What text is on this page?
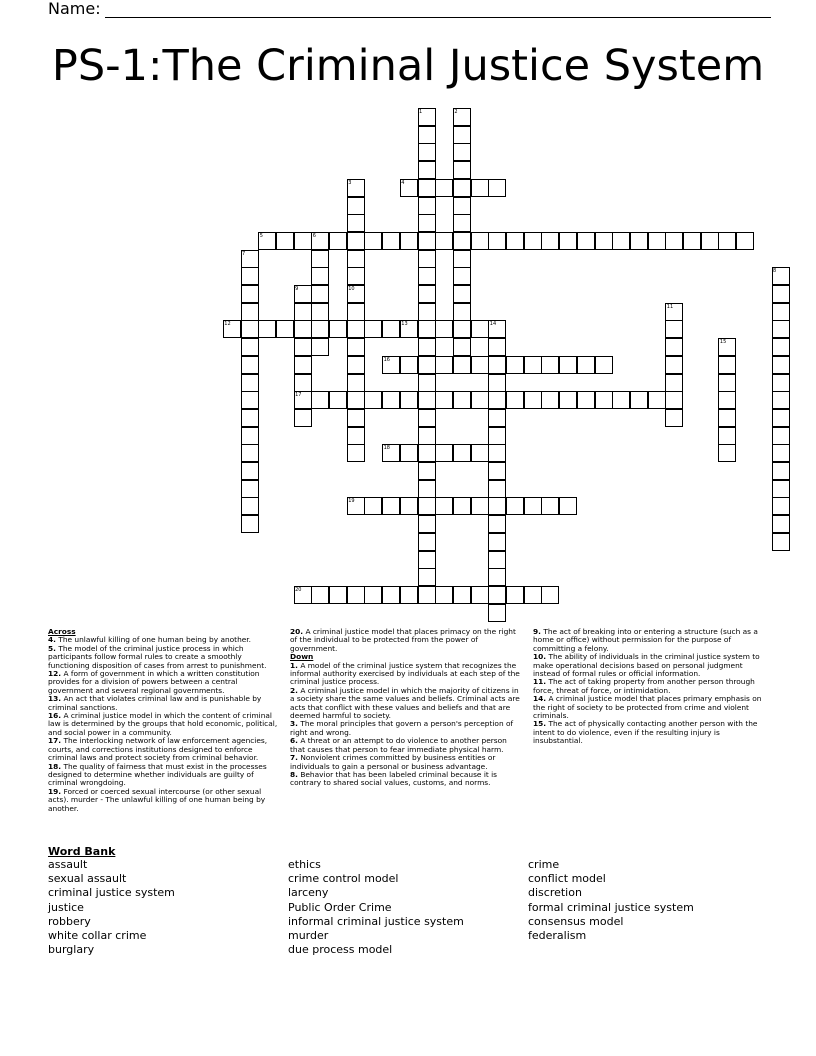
Name:
PS-1:The Criminal Justice System
1	2
3	4
5	6
7
8
9	10
11
12	13	14
15
16
17
18
19
20
Across

4. The unlawful killing of one human being by another.

5. The model of the criminal justice process in which participants follow formal rules to create a smoothly functioning disposition of cases from arrest to punishment.

12. A form of government in which a written constitution provides for a division of powers between a central government and several regional governments.

13. An act that violates criminal law and is punishable by criminal sanctions.

16. A criminal justice model in which the content of criminal law is determined by the groups that hold economic, political, and social power in a community.

17. The interlocking network of law enforcement agencies, courts, and corrections institutions designed to enforce criminal laws and protect society from criminal behavior.

18. The quality of fairness that must exist in the processes designed to determine whether individuals are guilty of criminal wrongdoing.

19. Forced or coerced sexual intercourse (or other sexual acts). murder - The unlawful killing of one human being by another.

20. A criminal justice model that places primacy on the right of the individual to be protected from the power of government.

Down

1. A model of the criminal justice system that recognizes the informal authority exercised by individuals at each step of the criminal justice process.

2. A criminal justice model in which the majority of citizens in a society share the same values and beliefs. Criminal acts are acts that conflict with these values and beliefs and that are deemed harmful to society.

3. The moral principles that govern a person's perception of right and wrong.

6. A threat or an attempt to do violence to another person that causes that person to fear immediate physical harm.

7. Nonviolent crimes committed by business entities or individuals to gain a personal or business advantage.

8. Behavior that has been labeled criminal because it is contrary to shared social values, customs, and norms.

9. The act of breaking into or entering a structure (such as a home or office) without permission for the purpose of committing a felony.

10. The ability of individuals in the criminal justice system to make operational decisions based on personal judgment instead of formal rules or official information.

11. The act of taking property from another person through force, threat of force, or intimidation.

14. A criminal justice model that places primary emphasis on the right of society to be protected from crime and violent criminals.

15. The act of physically contacting another person with the intent to do violence, even if the resulting injury is insubstantial.

Word Bank
assault
sexual assault
criminal justice system
justice
robbery
white collar crime
burglary
ethics
crime control model
larceny
Public Order Crime
informal criminal justice system
murder
due process model
crime
conflict model
discretion
formal criminal justice system
consensus model
federalism
